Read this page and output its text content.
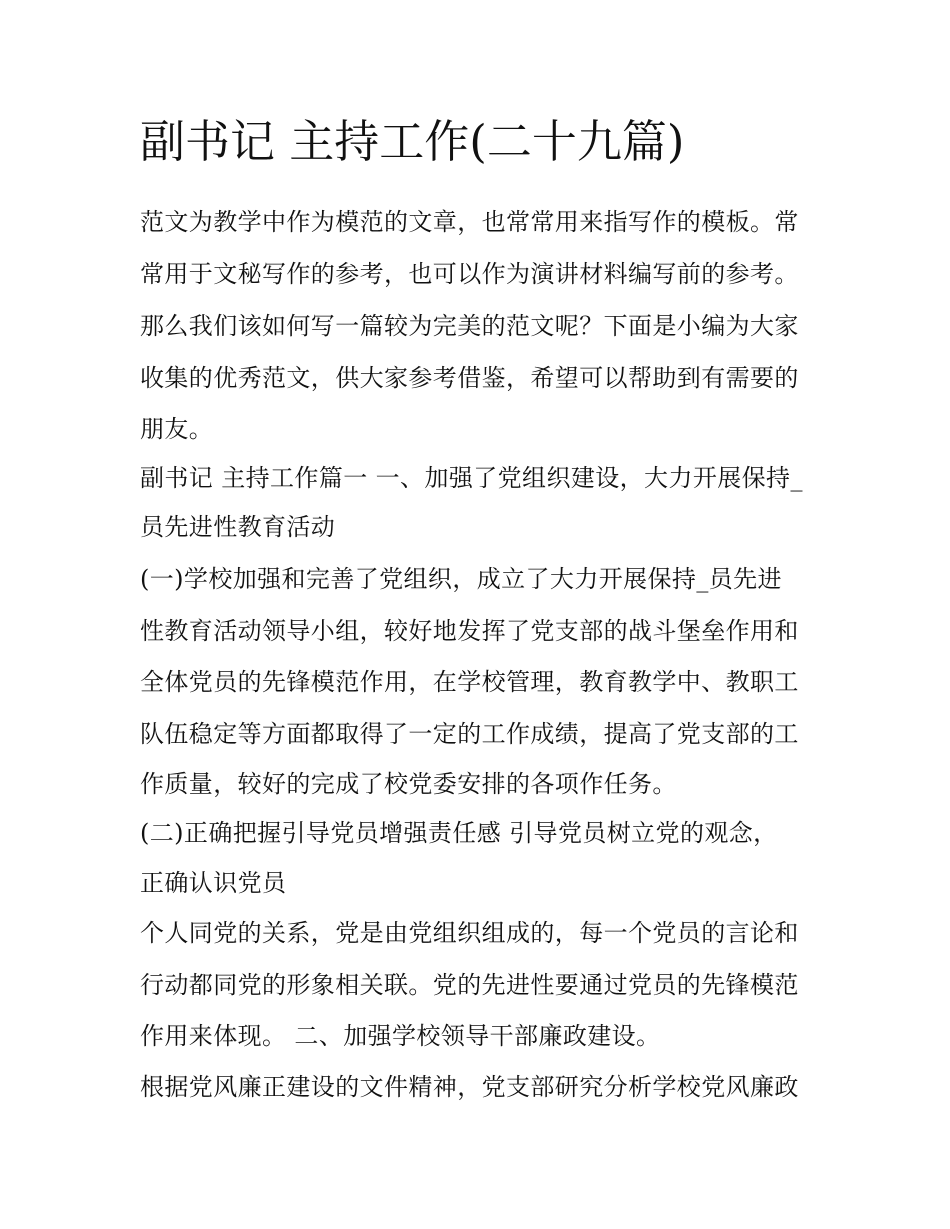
副书记 主持工作(二十九篇)

范文为教学中作为模范的文章，也常常用来指写作的模板。常

常用于文秘写作的参考，也可以作为演讲材料编写前的参考。

那么我们该如何写一篇较为完美的范文呢？下面是小编为大家

收集的优秀范文，供大家参考借鉴，希望可以帮助到有需要的

朋友。

副书记 主持工作篇一 一、加强了党组织建设，大力开展保持_

员先进性教育活动

(一)学校加强和完善了党组织，成立了大力开展保持_员先进

性教育活动领导小组，较好地发挥了党支部的战斗堡垒作用和

全体党员的先锋模范作用，在学校管理，教育教学中、教职工

队伍稳定等方面都取得了一定的工作成绩，提高了党支部的工

作质量，较好的完成了校党委安排的各项作任务。

(二)正确把握引导党员增强责任感 引导党员树立党的观念，

正确认识党员

个人同党的关系，党是由党组织组成的，每一个党员的言论和

行动都同党的形象相关联。党的先进性要通过党员的先锋模范

作用来体现。 二、加强学校领导干部廉政建设。

根据党风廉正建设的文件精神，党支部研究分析学校党风廉政
